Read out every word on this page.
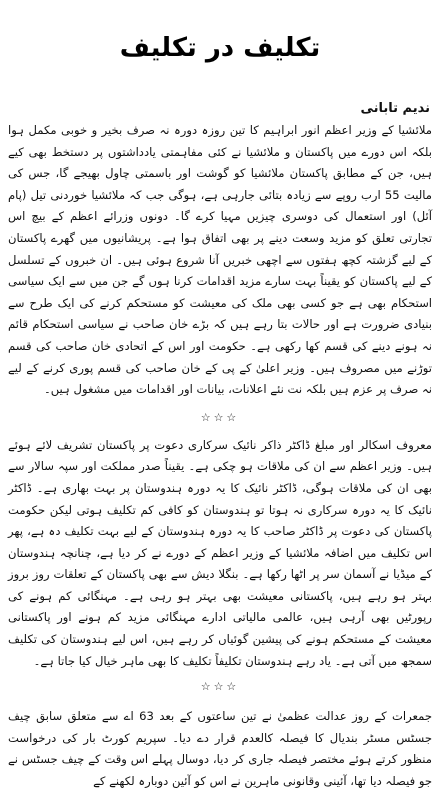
تکلیف در تکلیف
ندیم تابانی

ملائشیا کے وزیر اعظم انور ابراہیم کا تین روزہ دورہ نہ صرف بخیر و خوبی مکمل ہوا بلکہ اس دورے میں پاکستان و ملائشیا نے کئی مفاہمتی یادداشتوں پر دستخط بھی کیے ہیں، جن کے مطابق پاکستان ملائشیا کو گوشت اور باسمتی چاول بھیجے گا، جس کی مالیت 55 ارب روپے سے زیادہ بتائی جارہی ہے، ہوگی جب کہ ملائشیا خوردنی تیل (پام آئل) اور استعمال کی دوسری چیزیں مہیا کرے گا۔ دونوں وزرائے اعظم کے بیچ اس تجارتی تعلق کو مزید وسعت دینے پر بھی اتفاق ہوا ہے۔ پریشانیوں میں گھرے پاکستان کے لیے گزشتہ کچھ ہفتوں سے اچھی خبریں آنا شروع ہوئی ہیں۔ ان خبروں کے تسلسل کے لیے پاکستان کو یقیناً بہت سارے مزید اقدامات کرنا ہوں گے جن میں سے ایک سیاسی استحکام بھی ہے جو کسی بھی ملک کی معیشت کو مستحکم کرنے کی ایک طرح سے بنیادی ضرورت ہے اور حالات بتا رہے ہیں کہ بڑے خان صاحب نے سیاسی استحکام قائم نہ ہونے دینے کی قسم کھا رکھی ہے۔ حکومت اور اس کے اتحادی خان صاحب کی قسم توڑنے میں مصروف ہیں۔ وزیر اعلیٰ کے پی کے خان صاحب کی قسم پوری کرنے کے لیے نہ صرف پر عزم ہیں بلکہ نت نئے اعلانات، بیانات اور اقدامات میں مشغول ہیں۔

☆☆☆

معروف اسکالر اور مبلغ ڈاکٹر ذاکر نائیک سرکاری دعوت پر پاکستان تشریف لائے ہوئے ہیں۔ وزیر اعظم سے ان کی ملاقات ہو چکی ہے۔ یقیناً صدر مملکت اور سپہ سالار سے بھی ان کی ملاقات ہوگی، ڈاکٹر نائیک کا یہ دورہ ہندوستان پر بہت بھاری ہے۔ ڈاکٹر نائیک کا یہ دورہ سرکاری نہ ہوتا تو ہندوستان کو کافی کم تکلیف ہوتی لیکن حکومت پاکستان کی دعوت پر ڈاکٹر صاحب کا یہ دورہ ہندوستان کے لیے بہت تکلیف دہ ہے، پھر اس تکلیف میں اضافہ ملائشیا کے وزیر اعظم کے دورے نے کر دیا ہے، چنانچہ ہندوستان کے میڈیا نے آسمان سر پر اٹھا رکھا ہے۔ بنگلا دیش سے بھی پاکستان کے تعلقات روز بروز بہتر ہو رہے ہیں، پاکستانی معیشت بھی بہتر ہو رہی ہے۔ مہنگائی کم ہونے کی رپورٹیں بھی آرہی ہیں، عالمی مالیاتی ادارے مہنگائی مزید کم ہونے اور پاکستانی معیشت کے مستحکم ہونے کی پیشین گوئیاں کر رہے ہیں، اس لیے ہندوستان کی تکلیف سمجھ میں آتی ہے۔ یاد رہے ہندوستان تکلیفاً تکلیف کا بھی ماہر خیال کیا جاتا ہے۔

☆☆☆

جمعرات کے روز عدالت عظمیٰ نے تین ساعتوں کے بعد 63 اے سے متعلق سابق چیف جسٹس مسٹر بندیال کا فیصلہ کالعدم قرار دے دیا۔ سپریم کورٹ بار کی درخواست منظور کرتے ہوئے مختصر فیصلہ جاری کر دیا، دوسال پہلے اس وقت کے چیف جسٹس نے جو فیصلہ دیا تھا، آئینی وقانونی ماہرین نے اس کو آئین دوبارہ لکھنے کے
